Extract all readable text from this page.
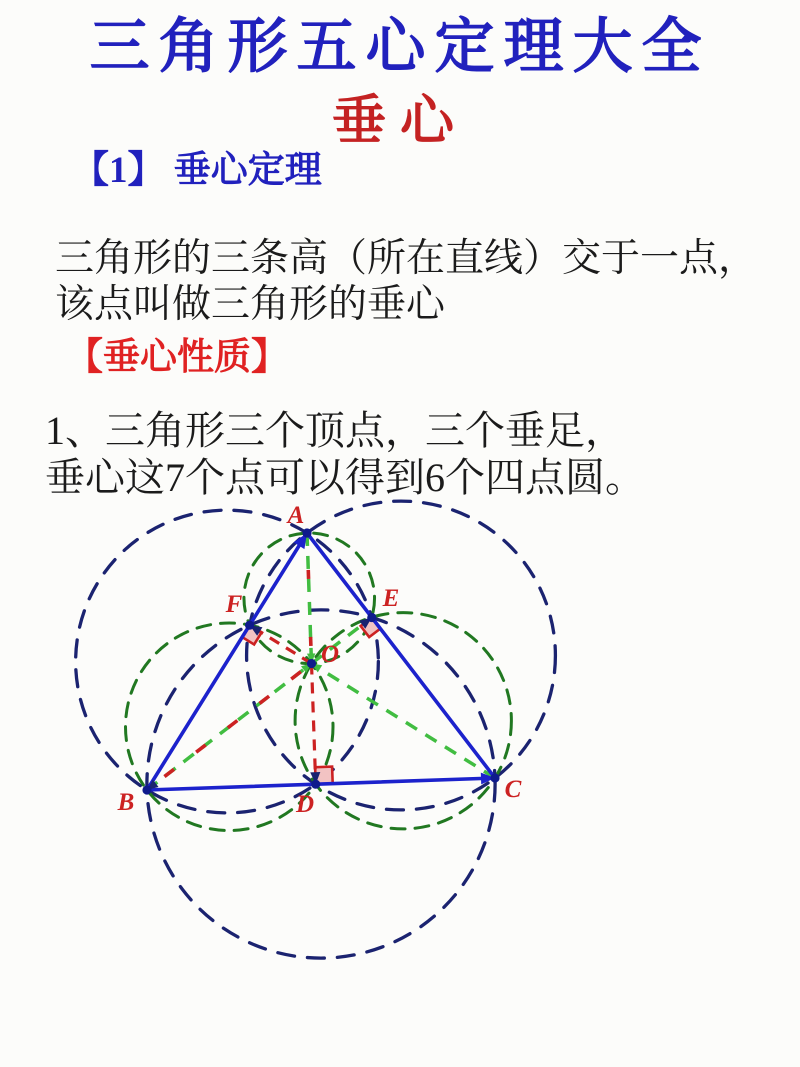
三角形五心定理大全
垂心
【1】 垂心定理
三角形的三条高（所在直线）交于一点，
该点叫做三角形的垂心
【垂心性质】
1、三角形三个顶点，三个垂足，
垂心这7个点可以得到6个四点圆。
A
B	C
D
E
F
O
